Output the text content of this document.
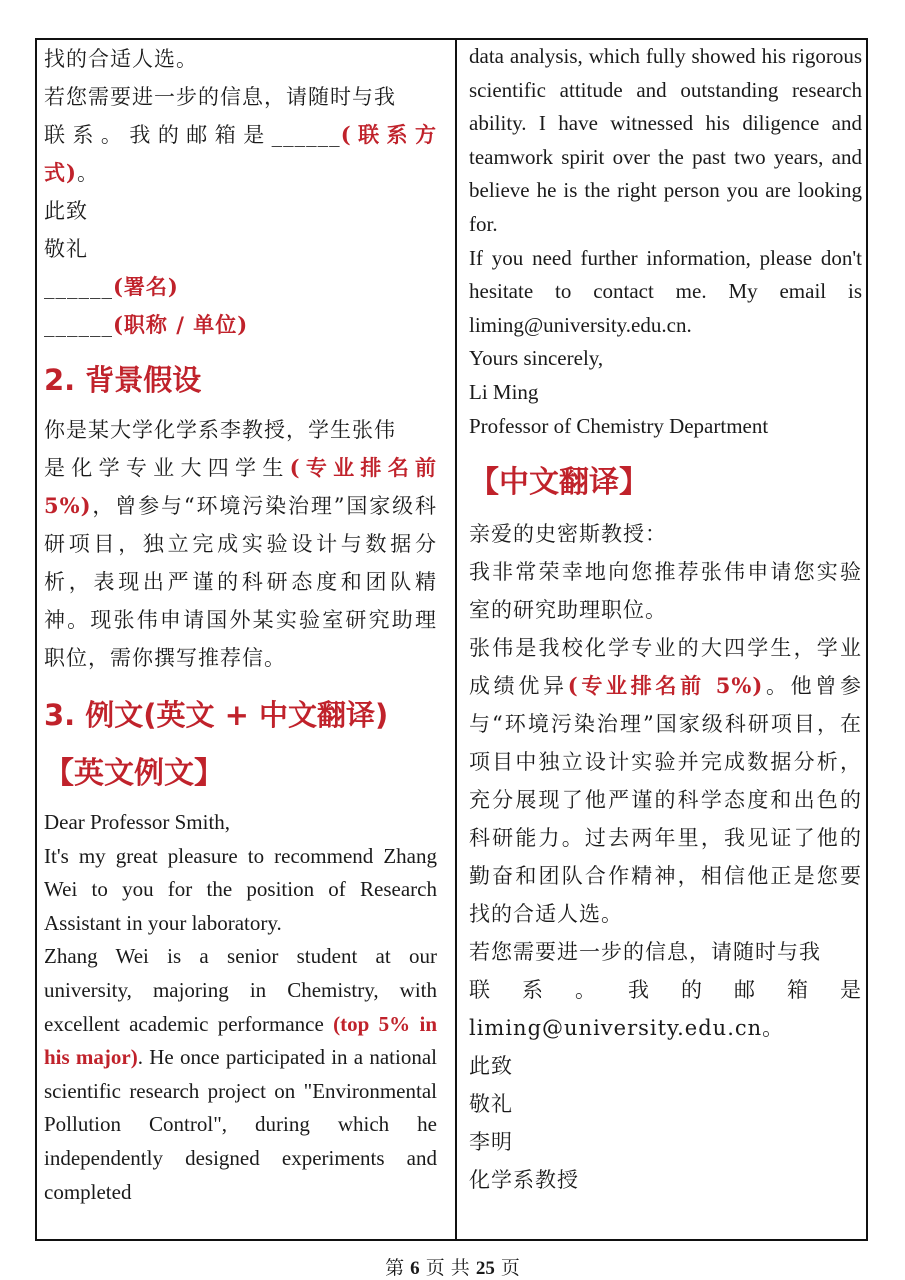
找的合适人选。

若您需要进一步的信息，请随时与我

联系。我的邮箱是______(联系方

式)。

此致

敬礼

______(署名)

______(职称 / 单位)

2. 背景假设

你是某大学化学系李教授，学生张伟

是化学专业大四学生(专业排名前

5%)，曾参与“环境污染治理”国家级科研项目，独立完成实验设计与数据分析，表现出严谨的科研态度和团队精神。现张伟申请国外某实验室研究助理职位，需你撰写推荐信。

3. 例文(英文 + 中文翻译)
【英文例文】

Dear Professor Smith,

It's my great pleasure to recommend Zhang Wei to you for the position of Research Assistant in your laboratory.

Zhang Wei is a senior student at our university, majoring in Chemistry, with excellent academic performance (top 5% in his major). He once participated in a national scientific research project on "Environmental Pollution Control", during which he independently designed experiments and completed

data analysis, which fully showed his rigorous scientific attitude and outstanding research ability. I have witnessed his diligence and teamwork spirit over the past two years, and believe he is the right person you are looking for.

If you need further information, please don't hesitate to contact me. My email is liming@university.edu.cn.

Yours sincerely,

Li Ming

Professor of Chemistry Department

【中文翻译】

亲爱的史密斯教授：

我非常荣幸地向您推荐张伟申请您实验室的研究助理职位。

张伟是我校化学专业的大四学生，学业成绩优异(专业排名前 5%)。他曾参与“环境污染治理”国家级科研项目，在项目中独立设计实验并完成数据分析，充分展现了他严谨的科学态度和出色的科研能力。过去两年里，我见证了他的勤奋和团队合作精神，相信他正是您要找的合适人选。

若您需要进一步的信息，请随时与我

联系。我的邮箱是

liming@university.edu.cn。

此致

敬礼

李明

化学系教授

第 6 页 共 25 页
